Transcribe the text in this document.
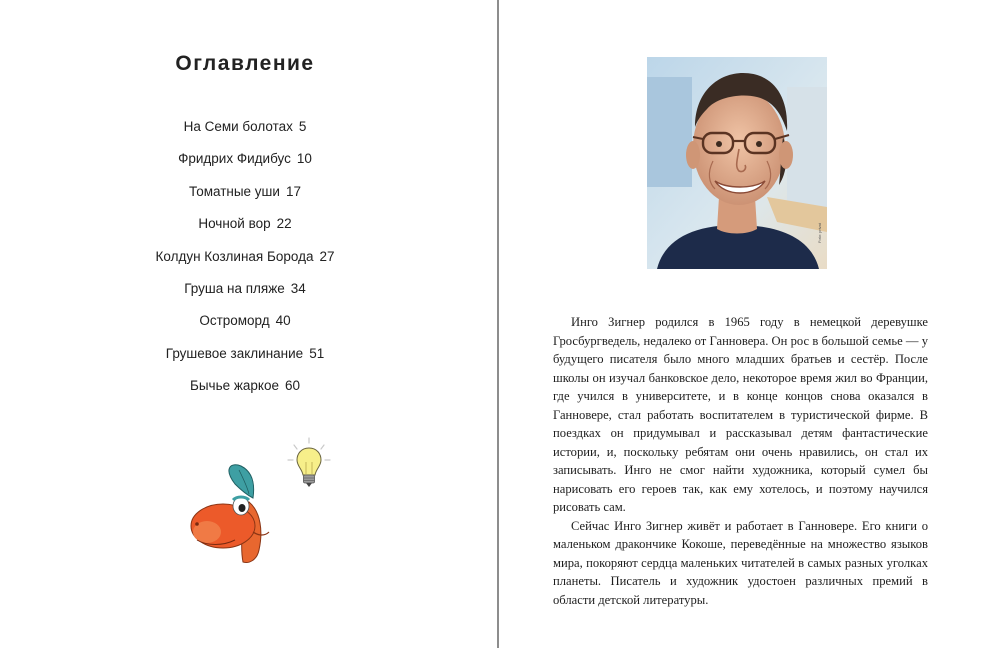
Оглавление
На Семи болотах 5
Фридрих Фидибус 10
Томатные уши 17
Ночной вор 22
Колдун Козлиная Борода 27
Груша на пляже 34
Остроморд 40
Грушевое заклинание 51
Бычье жаркое 60
Foto: privat

Инго Зигнер родился в 1965 году в немецкой деревушке Гросбургведель, недалеко от Ганновера. Он рос в большой семье — у будущего писателя было много младших братьев и сестёр. После школы он изучал банковское дело, некоторое время жил во Франции, где учился в университете, и в конце концов снова оказался в Ганновере, стал работать воспитателем в туристической фирме. В поездках он придумывал и рассказывал детям фантастические истории, и, поскольку ребятам они очень нравились, он стал их записывать. Инго не смог найти художника, который сумел бы нарисовать его героев так, как ему хотелось, и поэтому научился рисовать сам.

Сейчас Инго Зигнер живёт и работает в Ганновере. Его книги о маленьком дракончике Кокоше, переведённые на множество языков мира, покоряют сердца маленьких читателей в самых разных уголках планеты. Писатель и художник удостоен различных премий в области детской литературы.
